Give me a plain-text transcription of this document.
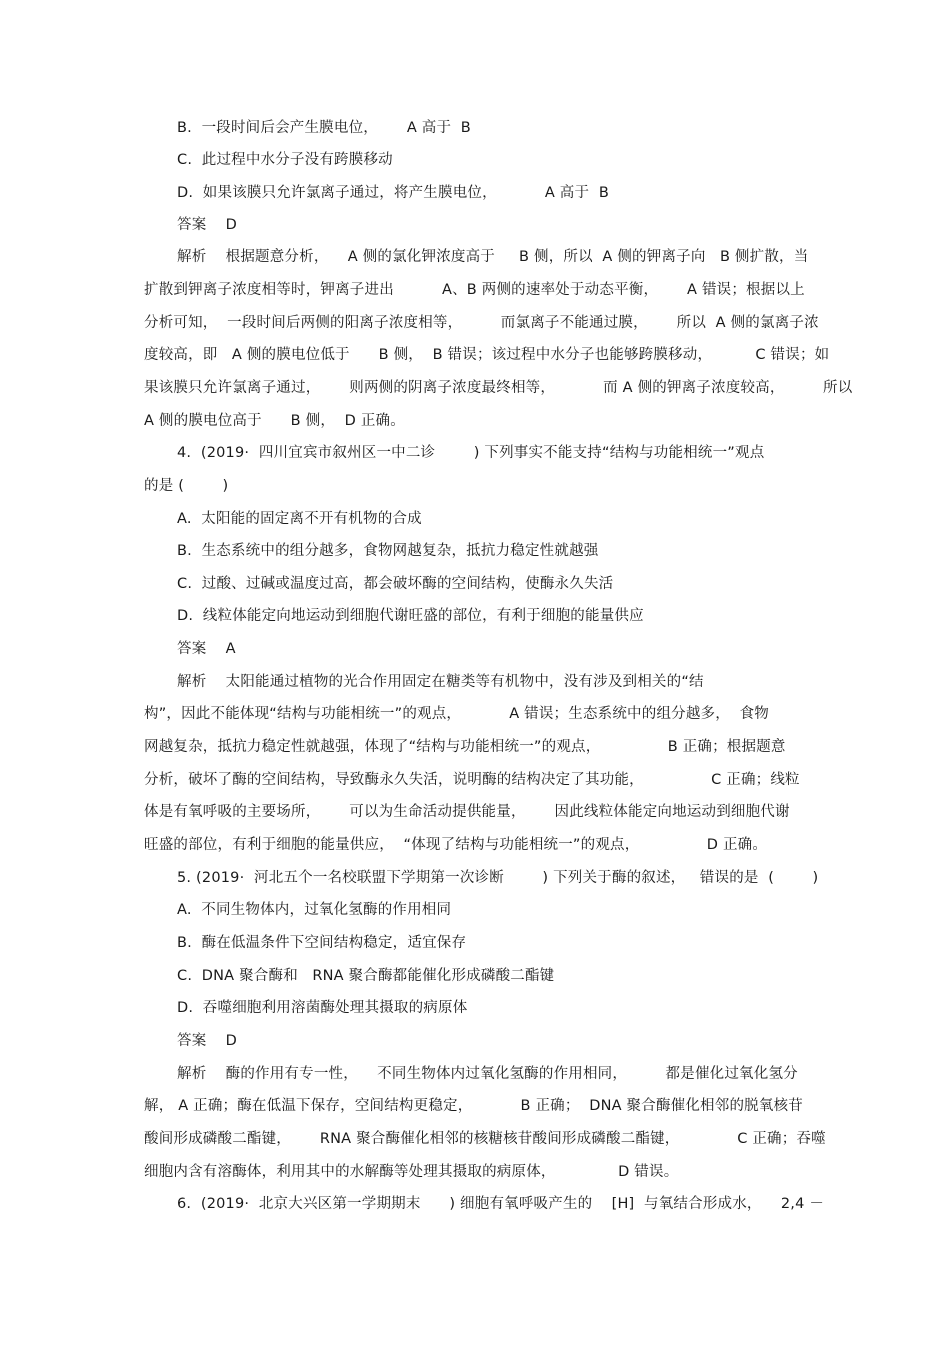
B.  一段时间后会产生膜电位，      A 高于  B
C.  此过程中水分子没有跨膜移动
D.  如果该膜只允许氯离子通过，将产生膜电位，          A 高于  B
答案    D
解析    根据题意分析，    A 侧的氯化钾浓度高于     B 侧，所以  A 侧的钾离子向   B 侧扩散，当
扩散到钾离子浓度相等时，钾离子进出          A、B 两侧的速率处于动态平衡，      A 错误；根据以上
分析可知，  一段时间后两侧的阳离子浓度相等，        而氯离子不能通过膜，      所以  A 侧的氯离子浓
度较高，即   A 侧的膜电位低于      B 侧，  B 错误；该过程中水分子也能够跨膜移动，         C 错误；如
果该膜只允许氯离子通过，      则两侧的阴离子浓度最终相等，          而 A 侧的钾离子浓度较高，        所以
A 侧的膜电位高于      B 侧，  D 正确。
4.  (2019·  四川宜宾市叙州区一中二诊        ) 下列事实不能支持“结构与功能相统一”观点
的是 (        )
A.  太阳能的固定离不开有机物的合成
B.  生态系统中的组分越多，食物网越复杂，抵抗力稳定性就越强
C.  过酸、过碱或温度过高，都会破坏酶的空间结构，使酶永久失活
D.  线粒体能定向地运动到细胞代谢旺盛的部位，有利于细胞的能量供应
答案    A
解析    太阳能通过植物的光合作用固定在糖类等有机物中，没有涉及到相关的“结
构”，因此不能体现“结构与功能相统一”的观点，          A 错误；生态系统中的组分越多，  食物
网越复杂，抵抗力稳定性就越强，体现了“结构与功能相统一”的观点，              B 正确；根据题意
分析，破坏了酶的空间结构，导致酶永久失活，说明酶的结构决定了其功能，              C 正确；线粒
体是有氧呼吸的主要场所，      可以为生命活动提供能量，      因此线粒体能定向地运动到细胞代谢
旺盛的部位，有利于细胞的能量供应，  “体现了结构与功能相统一”的观点，              D 正确。
5. (2019·  河北五个一名校联盟下学期第一次诊断        ) 下列关于酶的叙述，   错误的是  (        )
A.  不同生物体内，过氧化氢酶的作用相同
B.  酶在低温条件下空间结构稳定，适宜保存
C.  DNA 聚合酶和   RNA 聚合酶都能催化形成磷酸二酯键
D.  吞噬细胞利用溶菌酶处理其摄取的病原体
答案    D
解析    酶的作用有专一性，    不同生物体内过氧化氢酶的作用相同，        都是催化过氧化氢分
解， A 正确；酶在低温下保存，空间结构更稳定，          B 正确；  DNA 聚合酶催化相邻的脱氧核苷
酸间形成磷酸二酯键，      RNA 聚合酶催化相邻的核糖核苷酸间形成磷酸二酯键，            C 正确；吞噬
细胞内含有溶酶体，利用其中的水解酶等处理其摄取的病原体，             D 错误。
6.  (2019·  北京大兴区第一学期期末      ) 细胞有氧呼吸产生的    [H]  与氧结合形成水，    2,4 －
